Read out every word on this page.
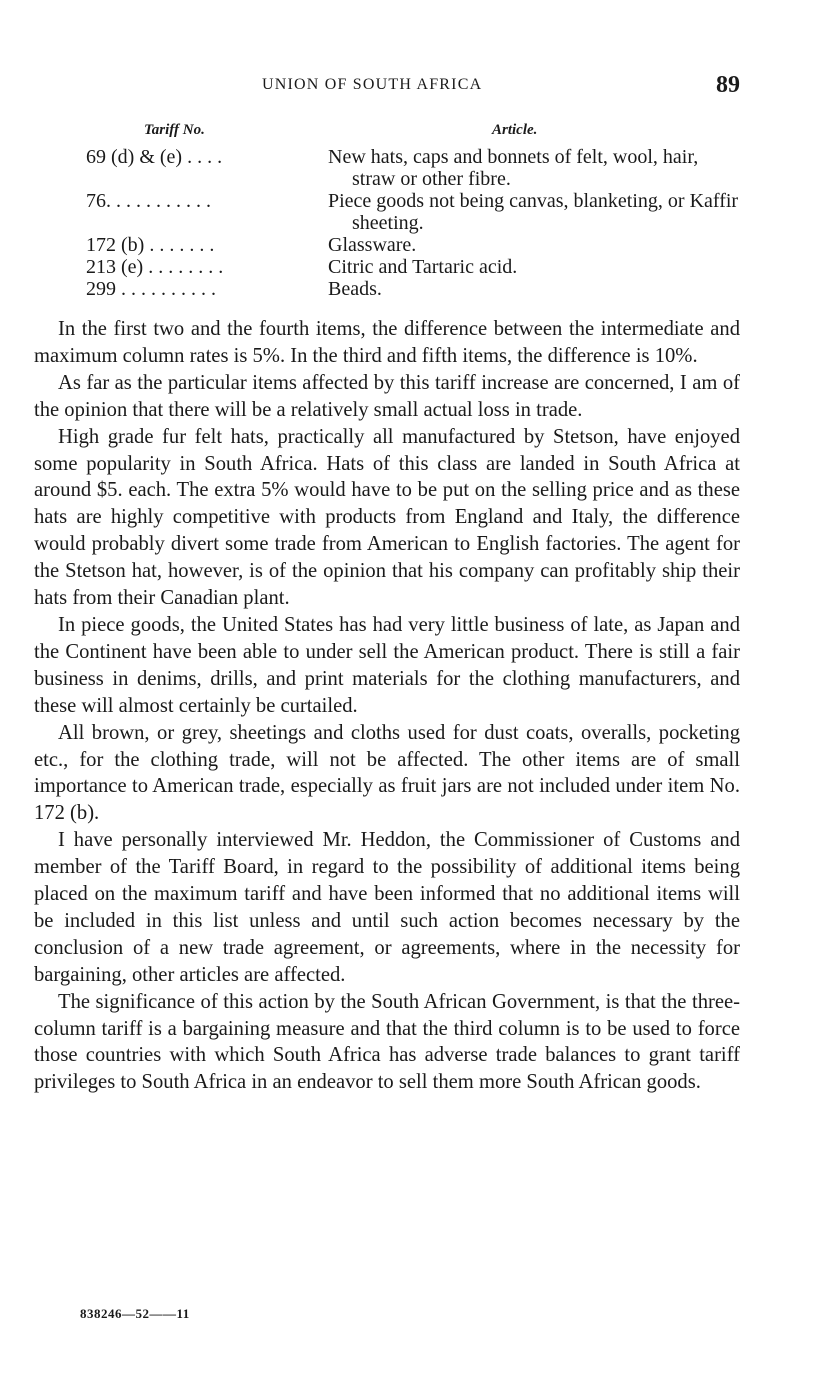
UNION OF SOUTH AFRICA	89
Tariff No.	Article.
69 (d) & (e) . . . .	New hats, caps and bonnets of felt, wool, hair, straw or other fibre.
76. . . . . . . . . . .	Piece goods not being canvas, blanketing, or Kaffir sheeting.
172 (b) . . . . . . .	Glassware.
213 (e) . . . . . . . .	Citric and Tartaric acid.
299 . . . . . . . . . .	Beads.

In the first two and the fourth items, the difference between the intermediate and maximum column rates is 5%. In the third and fifth items, the difference is 10%.

As far as the particular items affected by this tariff increase are concerned, I am of the opinion that there will be a relatively small actual loss in trade.

High grade fur felt hats, practically all manufactured by Stetson, have enjoyed some popularity in South Africa. Hats of this class are landed in South Africa at around $5. each. The extra 5% would have to be put on the selling price and as these hats are highly competitive with products from England and Italy, the difference would probably divert some trade from American to English factories. The agent for the Stetson hat, however, is of the opinion that his company can profitably ship their hats from their Canadian plant.

In piece goods, the United States has had very little business of late, as Japan and the Continent have been able to under sell the American product. There is still a fair business in denims, drills, and print materials for the clothing manufacturers, and these will almost certainly be curtailed.

All brown, or grey, sheetings and cloths used for dust coats, overalls, pocketing etc., for the clothing trade, will not be affected. The other items are of small importance to American trade, especially as fruit jars are not included under item No. 172 (b).

I have personally interviewed Mr. Heddon, the Commissioner of Customs and member of the Tariff Board, in regard to the possibility of additional items being placed on the maximum tariff and have been informed that no additional items will be included in this list unless and until such action becomes necessary by the conclusion of a new trade agreement, or agreements, where in the necessity for bargaining, other articles are affected.

The significance of this action by the South African Government, is that the three-column tariff is a bargaining measure and that the third column is to be used to force those countries with which South Africa has adverse trade balances to grant tariff privileges to South Africa in an endeavor to sell them more South African goods.

838246—52——11
